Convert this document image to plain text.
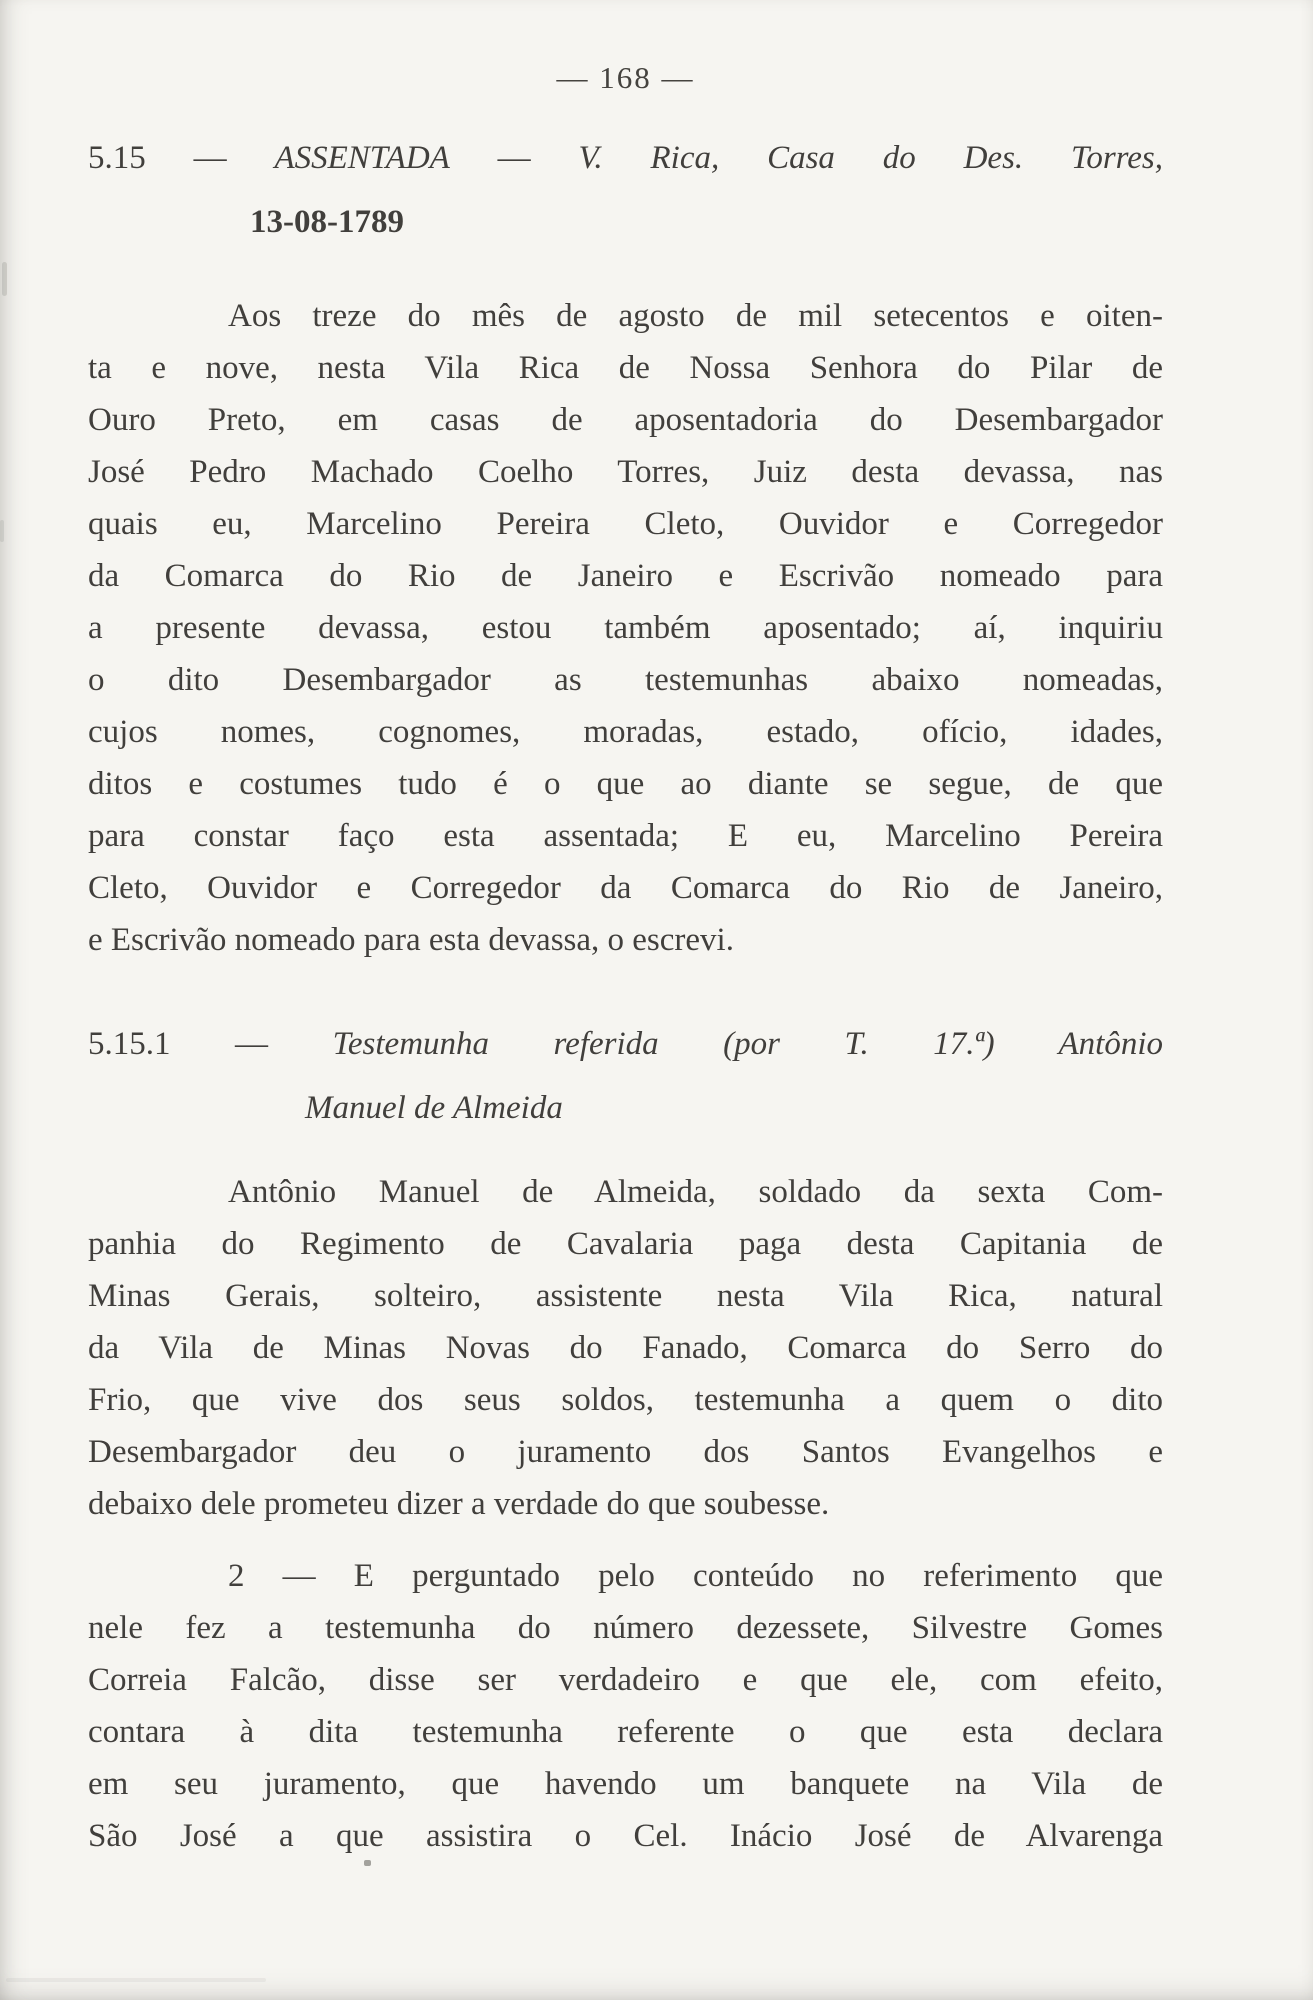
— 168 —
5.15 — ASSENTADA — V. Rica, Casa do Des. Torres,
13-08-1789
Aos treze do mês de agosto de mil setecentos e oiten-
ta e nove, nesta Vila Rica de Nossa Senhora do Pilar de
Ouro Preto, em casas de aposentadoria do Desembargador
José Pedro Machado Coelho Torres, Juiz desta devassa, nas
quais eu, Marcelino Pereira Cleto, Ouvidor e Corregedor
da Comarca do Rio de Janeiro e Escrivão nomeado para
a presente devassa, estou também aposentado; aí, inquiriu
o dito Desembargador as testemunhas abaixo nomeadas,
cujos nomes, cognomes, moradas, estado, ofício, idades,
ditos e costumes tudo é o que ao diante se segue, de que
para constar faço esta assentada; E eu, Marcelino Pereira
Cleto, Ouvidor e Corregedor da Comarca do Rio de Janeiro,
e Escrivão nomeado para esta devassa, o escrevi.
5.15.1 — Testemunha referida (por T. 17.ª) Antônio
Manuel de Almeida
Antônio Manuel de Almeida, soldado da sexta Com-
panhia do Regimento de Cavalaria paga desta Capitania de
Minas Gerais, solteiro, assistente nesta Vila Rica, natural
da Vila de Minas Novas do Fanado, Comarca do Serro do
Frio, que vive dos seus soldos, testemunha a quem o dito
Desembargador deu o juramento dos Santos Evangelhos e
debaixo dele prometeu dizer a verdade do que soubesse.
2 — E perguntado pelo conteúdo no referimento que
nele fez a testemunha do número dezessete, Silvestre Gomes
Correia Falcão, disse ser verdadeiro e que ele, com efeito,
contara à dita testemunha referente o que esta declara
em seu juramento, que havendo um banquete na Vila de
São José a que assistira o Cel. Inácio José de Alvarenga
